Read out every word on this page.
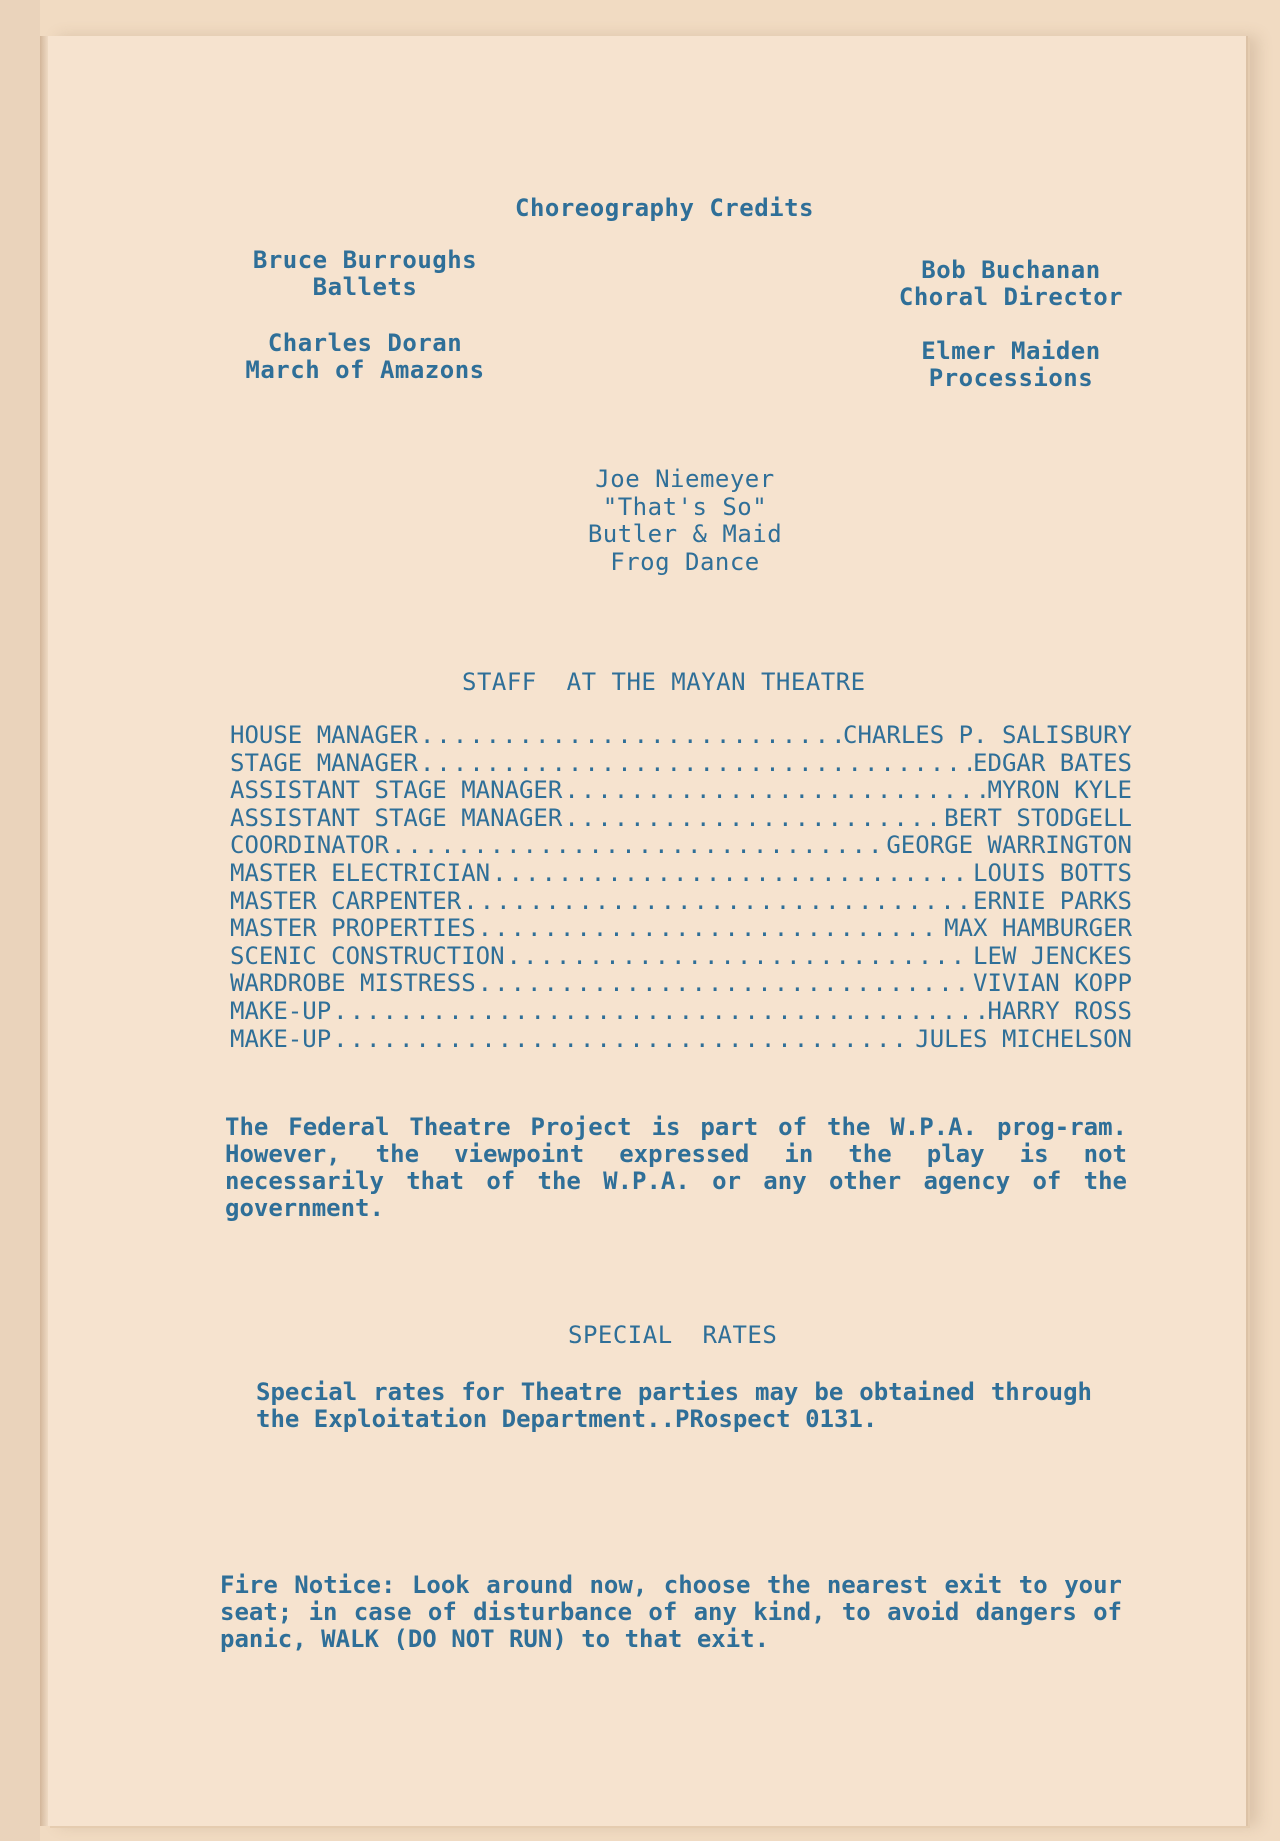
Choreography Credits
Bruce Burroughs
Ballets
Charles Doran
March of Amazons
Bob Buchanan
Choral Director
Elmer Maiden
Processions
Joe Niemeyer
"That's So"
Butler & Maid
Frog Dance
STAFF  AT THE MAYAN THEATRE
HOUSE MANAGER .....	CHARLES P. SALISBURY
STAGE MANAGER .....	EDGAR BATES
ASSISTANT STAGE MANAGER .....	MYRON KYLE
ASSISTANT STAGE MANAGER .....	BERT STODGELL
COORDINATOR .....	GEORGE WARRINGTON
MASTER ELECTRICIAN .....	LOUIS BOTTS
MASTER CARPENTER .....	ERNIE PARKS
MASTER PROPERTIES .....	MAX HAMBURGER
SCENIC CONSTRUCTION .....	LEW JENCKES
WARDROBE MISTRESS .....	VIVIAN KOPP
MAKE-UP .....	HARRY ROSS
MAKE-UP .....	JULES MICHELSON
The Federal Theatre Project is part of the W.P.A. prog-ram. However, the viewpoint expressed in the play is not necessarily that of the W.P.A. or any other agency of the government.
SPECIAL  RATES
Special rates for Theatre parties may be obtained through the Exploitation Department..PRospect 0131.
Fire Notice: Look around now, choose the nearest exit to your seat; in case of disturbance of any kind, to avoid dangers of panic, WALK (DO NOT RUN) to that exit.
